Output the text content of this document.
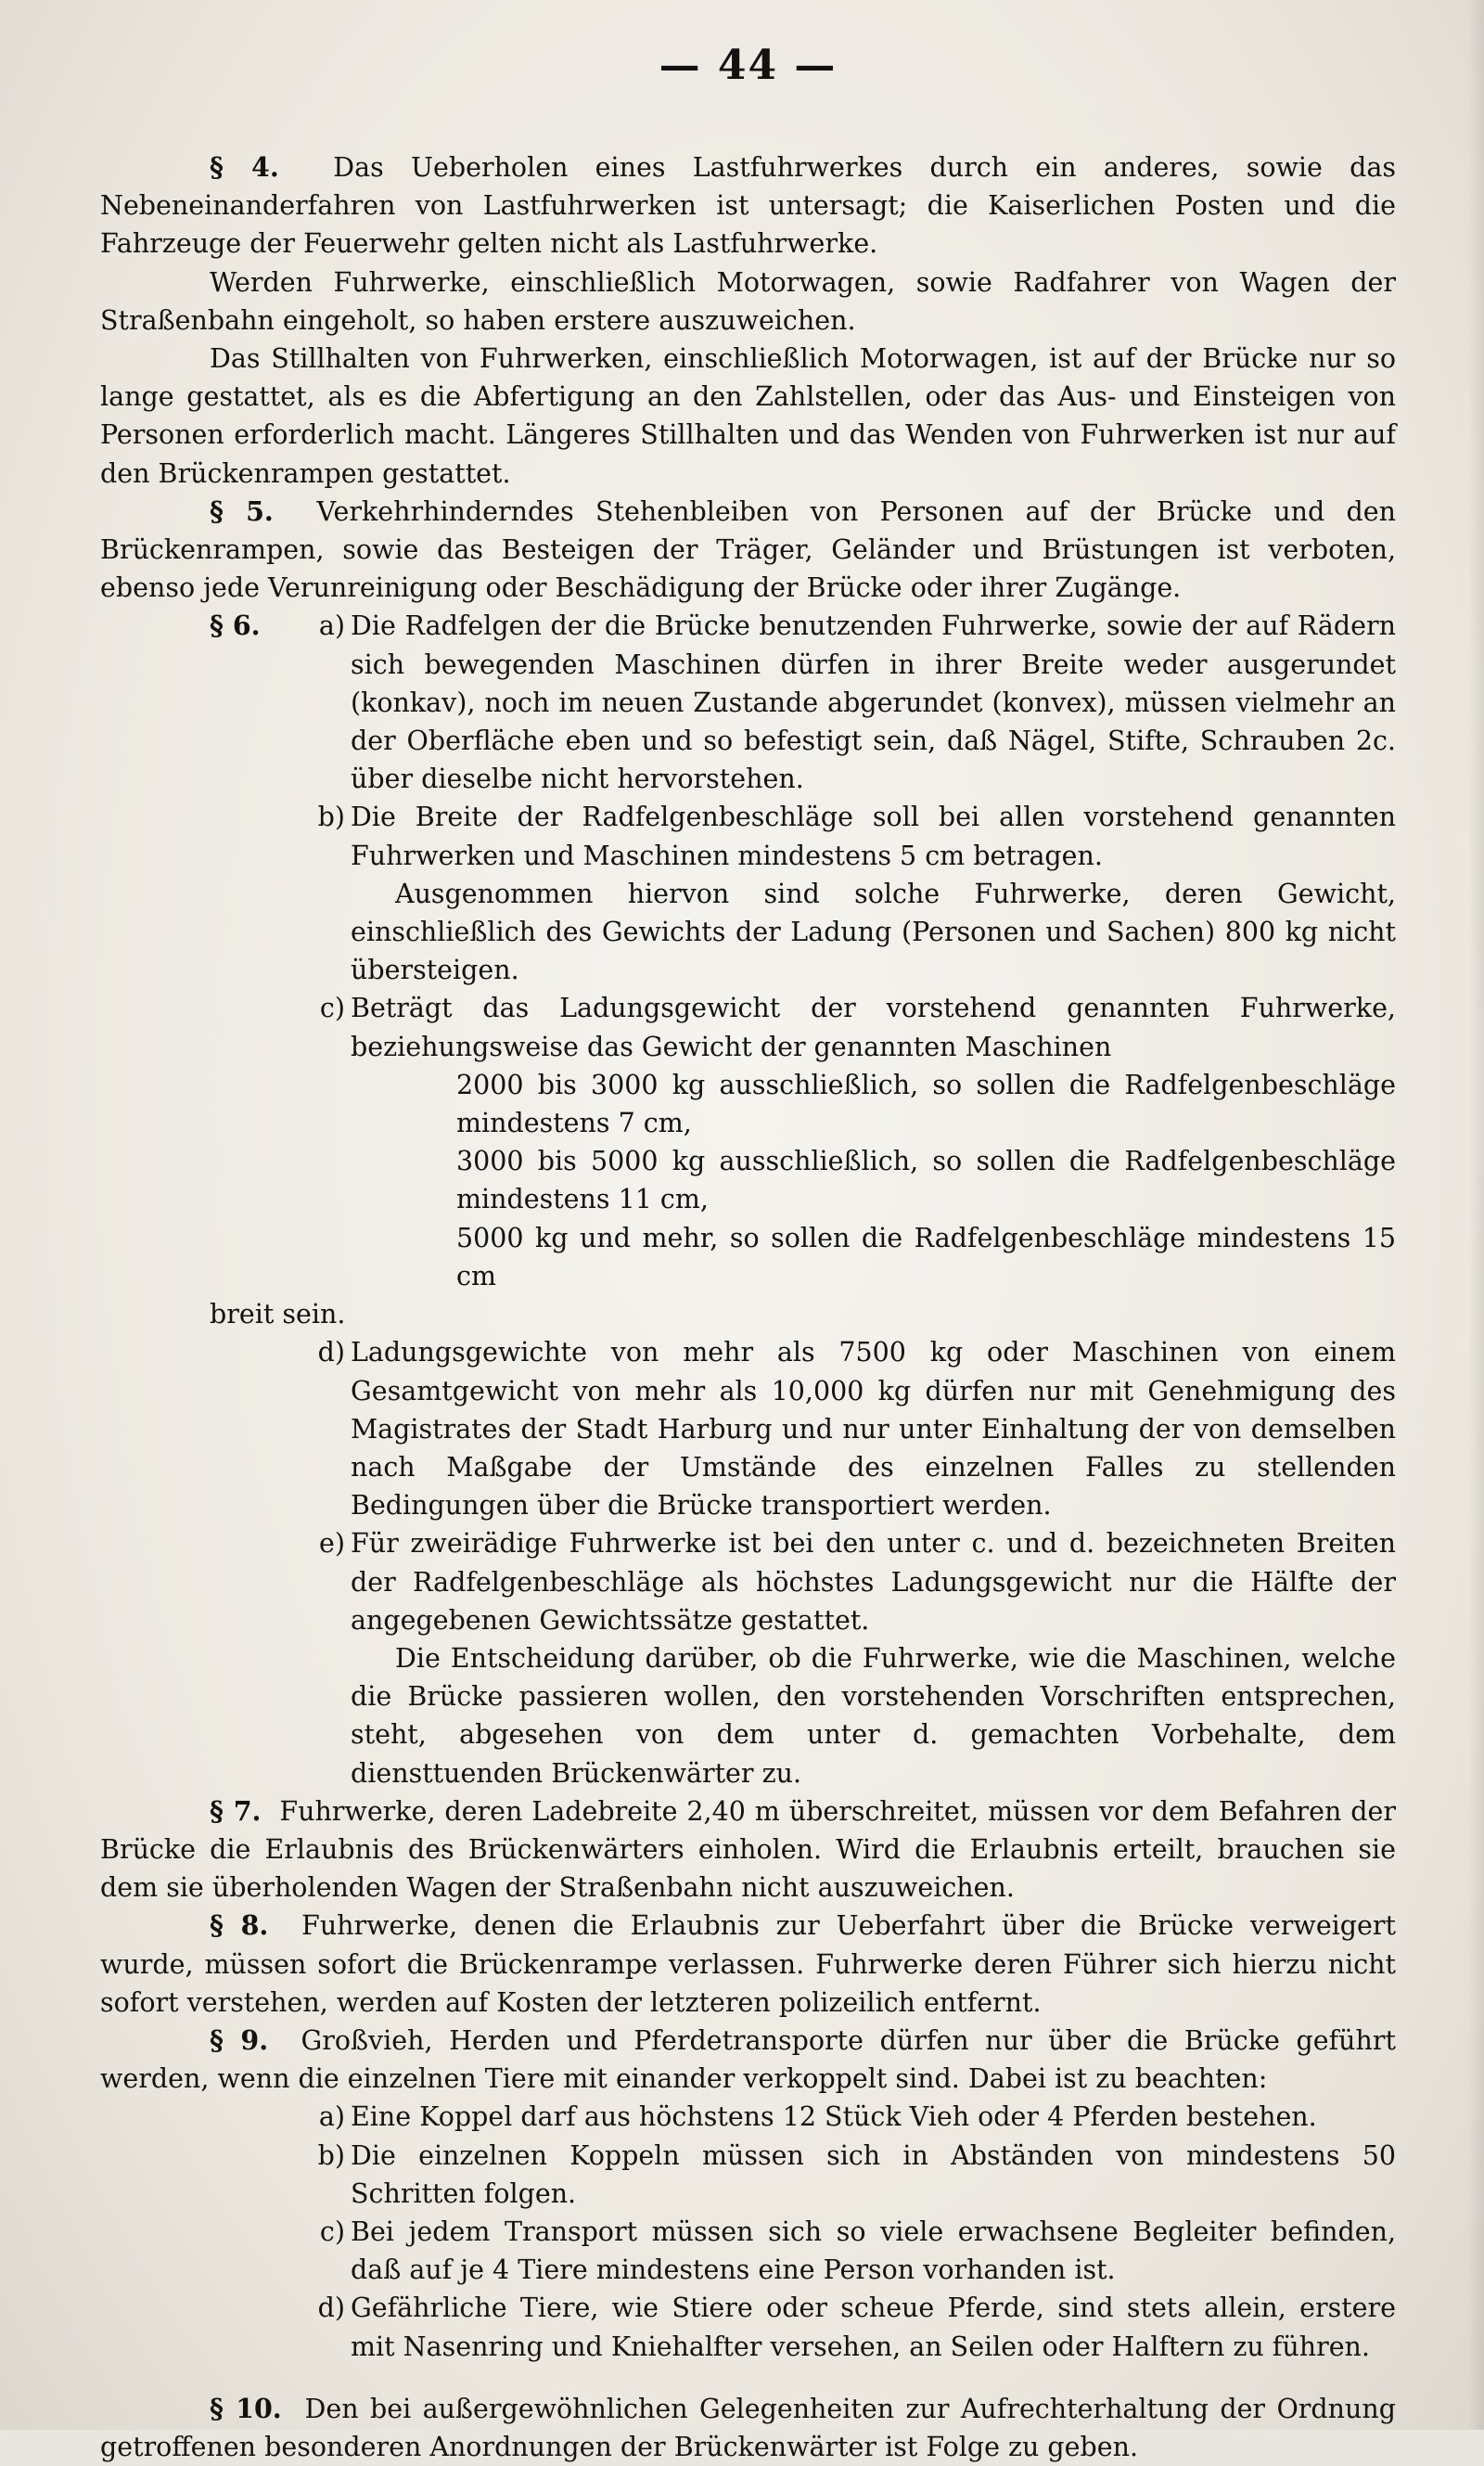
— 44 —

§ 4. Das Ueberholen eines Lastfuhrwerkes durch ein anderes, sowie das Nebeneinanderfahren von Lastfuhrwerken ist untersagt; die Kaiserlichen Posten und die Fahrzeuge der Feuerwehr gelten nicht als Lastfuhrwerke.

Werden Fuhrwerke, einschließlich Motorwagen, sowie Radfahrer von Wagen der Straßenbahn eingeholt, so haben erstere auszuweichen.

Das Stillhalten von Fuhrwerken, einschließlich Motorwagen, ist auf der Brücke nur so lange gestattet, als es die Abfertigung an den Zahlstellen, oder das Aus- und Einsteigen von Personen erforderlich macht. Längeres Stillhalten und das Wenden von Fuhrwerken ist nur auf den Brückenrampen gestattet.

§ 5. Verkehrhinderndes Stehenbleiben von Personen auf der Brücke und den Brückenrampen, sowie das Besteigen der Träger, Geländer und Brüstungen ist verboten, ebenso jede Verunreinigung oder Beschädigung der Brücke oder ihrer Zugänge.

§ 6.	a) Die Radfelgen der die Brücke benutzenden Fuhrwerke, sowie der auf Rädern sich bewegenden Maschinen dürfen in ihrer Breite weder ausgerundet (konkav), noch im neuen Zustande abgerundet (konvex), müssen vielmehr an der Oberfläche eben und so befestigt sein, daß Nägel, Stifte, Schrauben 2c. über dieselbe nicht hervorstehen.
b) Die Breite der Radfelgenbeschläge soll bei allen vorstehend genannten Fuhrwerken und Maschinen mindestens 5 cm betragen.

Ausgenommen hiervon sind solche Fuhrwerke, deren Gewicht, einschließlich des Gewichts der Ladung (Personen und Sachen) 800 kg nicht übersteigen.

c) Beträgt das Ladungsgewicht der vorstehend genannten Fuhrwerke, beziehungsweise das Gewicht der genannten Maschinen
2000 bis 3000 kg ausschließlich, so sollen die Radfelgenbeschläge mindestens 7 cm,
3000 bis 5000 kg ausschließlich, so sollen die Radfelgenbeschläge mindestens 11 cm,
5000 kg und mehr, so sollen die Radfelgenbeschläge mindestens 15 cm
breit sein.
d) Ladungsgewichte von mehr als 7500 kg oder Maschinen von einem Gesamtgewicht von mehr als 10,000 kg dürfen nur mit Genehmigung des Magistrates der Stadt Harburg und nur unter Einhaltung der von demselben nach Maßgabe der Umstände des einzelnen Falles zu stellenden Bedingungen über die Brücke transportiert werden.
e) Für zweirädige Fuhrwerke ist bei den unter c. und d. bezeichneten Breiten der Radfelgenbeschläge als höchstes Ladungsgewicht nur die Hälfte der angegebenen Gewichtssätze gestattet.

Die Entscheidung darüber, ob die Fuhrwerke, wie die Maschinen, welche die Brücke passieren wollen, den vorstehenden Vorschriften entsprechen, steht, abgesehen von dem unter d. gemachten Vorbehalte, dem diensttuenden Brückenwärter zu.

§ 7. Fuhrwerke, deren Ladebreite 2,40 m überschreitet, müssen vor dem Befahren der Brücke die Erlaubnis des Brückenwärters einholen. Wird die Erlaubnis erteilt, brauchen sie dem sie überholenden Wagen der Straßenbahn nicht auszuweichen.

§ 8. Fuhrwerke, denen die Erlaubnis zur Ueberfahrt über die Brücke verweigert wurde, müssen sofort die Brückenrampe verlassen. Fuhrwerke deren Führer sich hierzu nicht sofort verstehen, werden auf Kosten der letzteren polizeilich entfernt.

§ 9. Großvieh, Herden und Pferdetransporte dürfen nur über die Brücke geführt werden, wenn die einzelnen Tiere mit einander verkoppelt sind. Dabei ist zu beachten:

a) Eine Koppel darf aus höchstens 12 Stück Vieh oder 4 Pferden bestehen.
b) Die einzelnen Koppeln müssen sich in Abständen von mindestens 50 Schritten folgen.
c) Bei jedem Transport müssen sich so viele erwachsene Begleiter befinden, daß auf je 4 Tiere mindestens eine Person vorhanden ist.
d) Gefährliche Tiere, wie Stiere oder scheue Pferde, sind stets allein, erstere mit Nasenring und Kniehalfter versehen, an Seilen oder Halftern zu führen.

§ 10. Den bei außergewöhnlichen Gelegenheiten zur Aufrechterhaltung der Ordnung getroffenen besonderen Anordnungen der Brückenwärter ist Folge zu geben.
